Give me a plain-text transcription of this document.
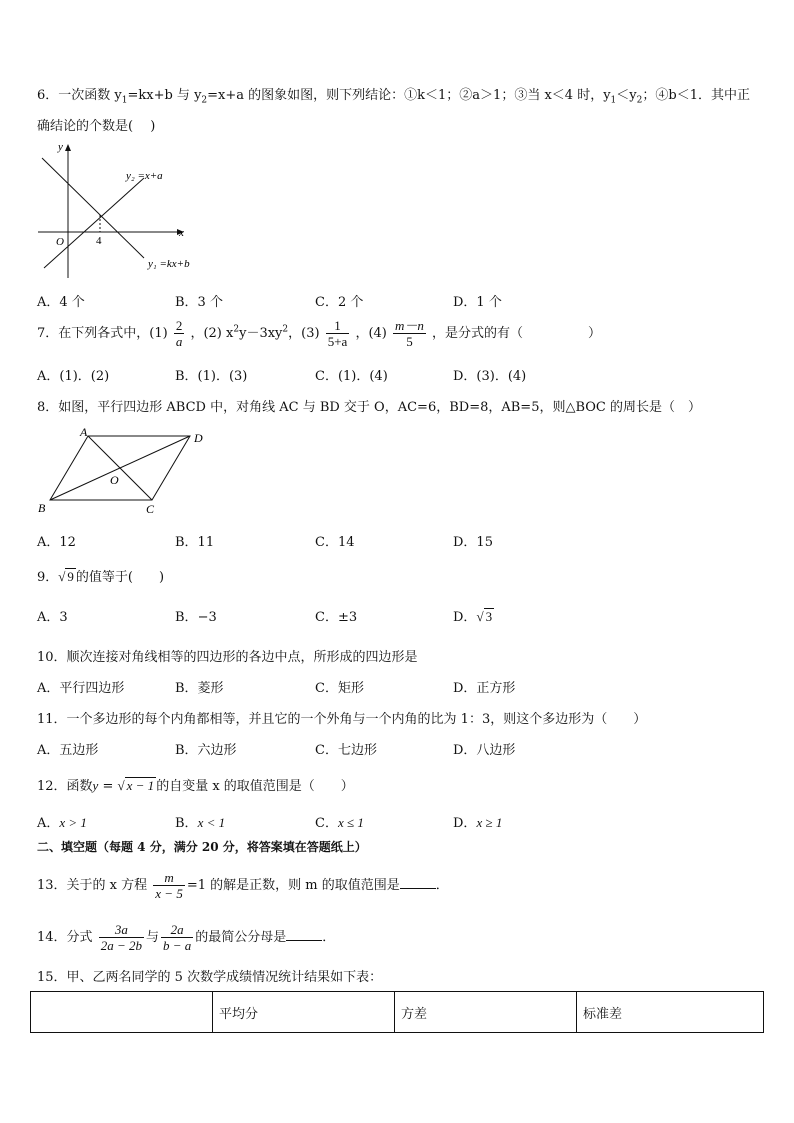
6．一次函数 $y_1=kx+b$ 与 $y_2=x+a$ 的图象如图，则下列结论：①k＜1；②a＞1；③当 x＜4 时，$y_1<y_2$；④b＜1．其中正
确结论的个数是(　 )
y
x
O	4
y₂ =x+a
y₁ =kx+b
A．4 个	B．3 个	C．2 个	D．1 个
7．在下列各式中，$(1) \frac{2}{a}$ ，(2) $x^2y-3xy^2$，$(3) \frac{1}{5+a}$ ，$(4) \frac{m-n}{5}$ ，是分式的有（　　　　　）
A．(1)．(2)	B．(1)．(3)	C．(1)．(4)	D．(3)．(4)
8．如图，平行四边形 ABCD 中，对角线 AC 与 BD 交于 O，AC=6，BD=8，AB=5，则△BOC 的周长是（　）
A	D
B	C
O
A．12	B．11	C．14	D．15
9．√ 9 的值等于(　　)
A．3	B．−3	C．±3	D．√ 3
10．顺次连接对角线相等的四边形的各边中点，所形成的四边形是
A．平行四边形	B．菱形	C．矩形	D．正方形
11．一个多边形的每个内角都相等，并且它的一个外角与一个内角的比为 1：3，则这个多边形为（　　）
A．五边形	B．六边形	C．七边形	D．八边形
12．函数y = √ x − 1 的自变量 x 的取值范围是（　　）
A．x > 1	B．x < 1	C．x ≤ 1	D．x ≥ 1
二、填空题（每题 4 分，满分 20 分，将答案填在答题纸上）
13．关于的 x 方程 $\frac{m}{x - 5} =1$ 的解是正数，则 m 的取值范围是	．
14．分式 $\frac{3a}{2a - 2b}$ 与 $\frac{2a}{b - a}$ 的最简公分母是	．
15．甲、乙两名同学的 5 次数学成绩情况统计结果如下表：
	平均分	方差	标准差
